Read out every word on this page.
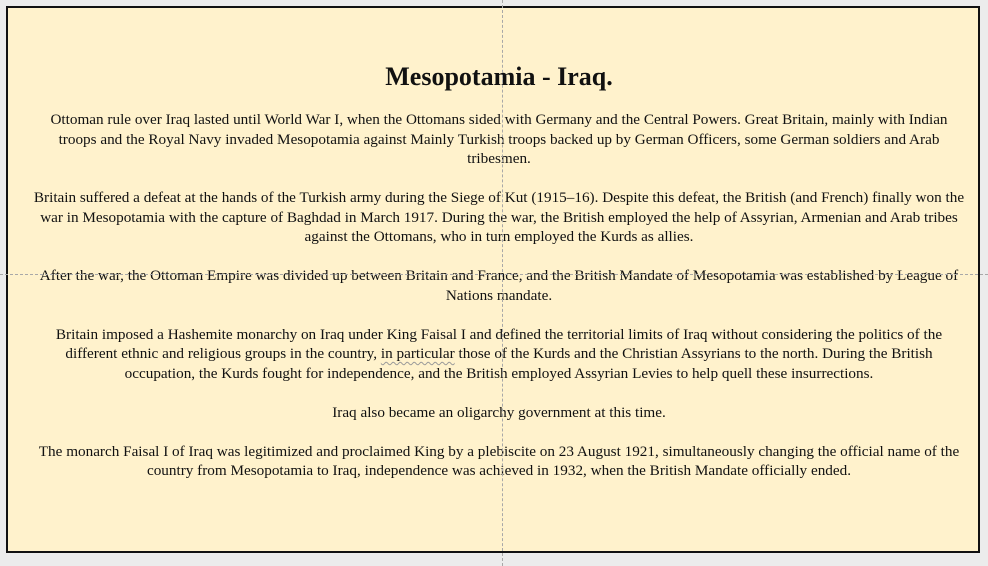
Mesopotamia - Iraq.

Ottoman rule over Iraq lasted until World War I, when the Ottomans sided with Germany and the Central Powers. Great Britain, mainly with Indian troops and the Royal Navy invaded Mesopotamia against Mainly Turkish troops backed up by German Officers, some German soldiers and Arab tribesmen.

Britain suffered a defeat at the hands of the Turkish army during the Siege of Kut (1915–16). Despite this defeat, the British (and French) finally won the war in Mesopotamia with the capture of Baghdad in March 1917. During the war, the British employed the help of Assyrian, Armenian and Arab tribes against the Ottomans, who in turn employed the Kurds as allies.

After the war, the Ottoman Empire was divided up between Britain and France, and the British Mandate of Mesopotamia was established by League of Nations mandate.

Britain imposed a Hashemite monarchy on Iraq under King Faisal I and defined the territorial limits of Iraq without considering the politics of the different ethnic and religious groups in the country, in particular those of the Kurds and the Christian Assyrians to the north. During the British occupation, the Kurds fought for independence, and the British employed Assyrian Levies to help quell these insurrections.

Iraq also became an oligarchy government at this time.

The monarch Faisal I of Iraq was legitimized and proclaimed King by a plebiscite on 23 August 1921, simultaneously changing the official name of the country from Mesopotamia to Iraq, independence was achieved in 1932, when the British Mandate officially ended.
